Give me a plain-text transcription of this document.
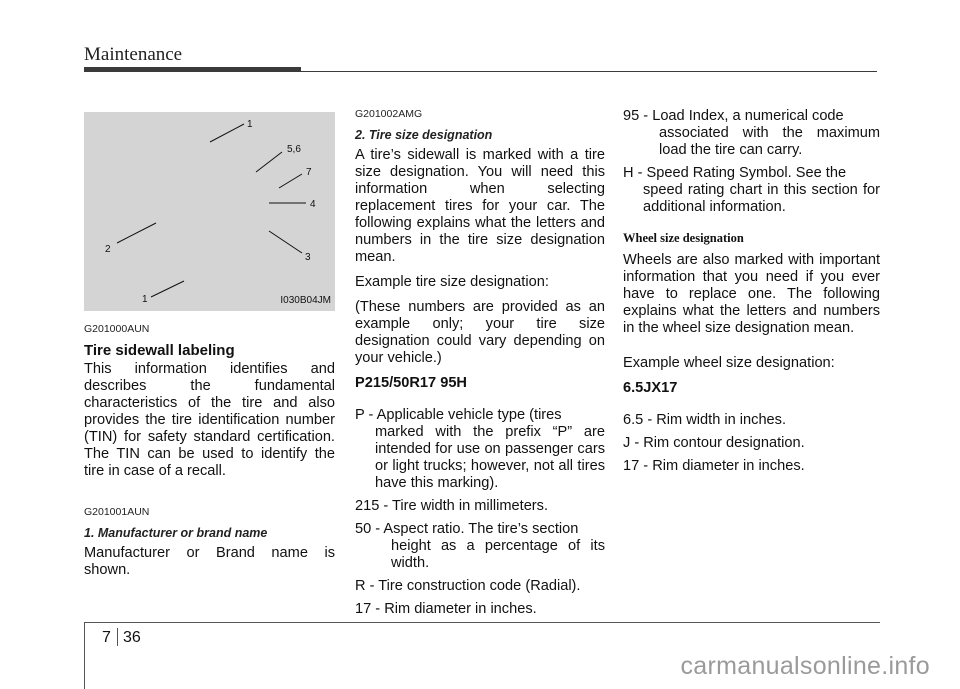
Maintenance
1
5,6
7
4
2
3
1	I030B04JM

G201000AUN

Tire sidewall labeling

This information identifies and describes the fundamental characteristics of the tire and also provides the tire identification number (TIN) for safety standard certification. The TIN can be used to identify the tire in case of a recall.

G201001AUN

1. Manufacturer or brand name

Manufacturer or Brand name is shown.

G201002AMG

2. Tire size designation

A tire’s sidewall is marked with a tire size designation. You will need this information when selecting replacement tires for your car. The following explains what the letters and numbers in the tire size designation mean.

Example tire size designation:

(These numbers are provided as an example only; your tire size designation could vary depending on your vehicle.)

P215/50R17 95H

P - Applicable vehicle type (tires
marked with the prefix “P” are intended for use on passenger cars or light trucks; however, not all tires have this marking).
215 - Tire width in millimeters.
50 - Aspect ratio. The tire’s section
height as a percentage of its width.
R - Tire construction code (Radial).
17 - Rim diameter in inches.
95 - Load Index, a numerical code
associated with the maximum load the tire can carry.
H - Speed Rating Symbol. See the
speed rating chart in this section for additional information.
Wheel size designation

Wheels are also marked with important information that you need if you ever have to replace one. The following explains what the letters and numbers in the wheel size designation mean.

Example wheel size designation:

6.5JX17

6.5 - Rim width in inches.

J - Rim contour designation.

17 - Rim diameter in inches.

7 36
carmanualsonline.info
